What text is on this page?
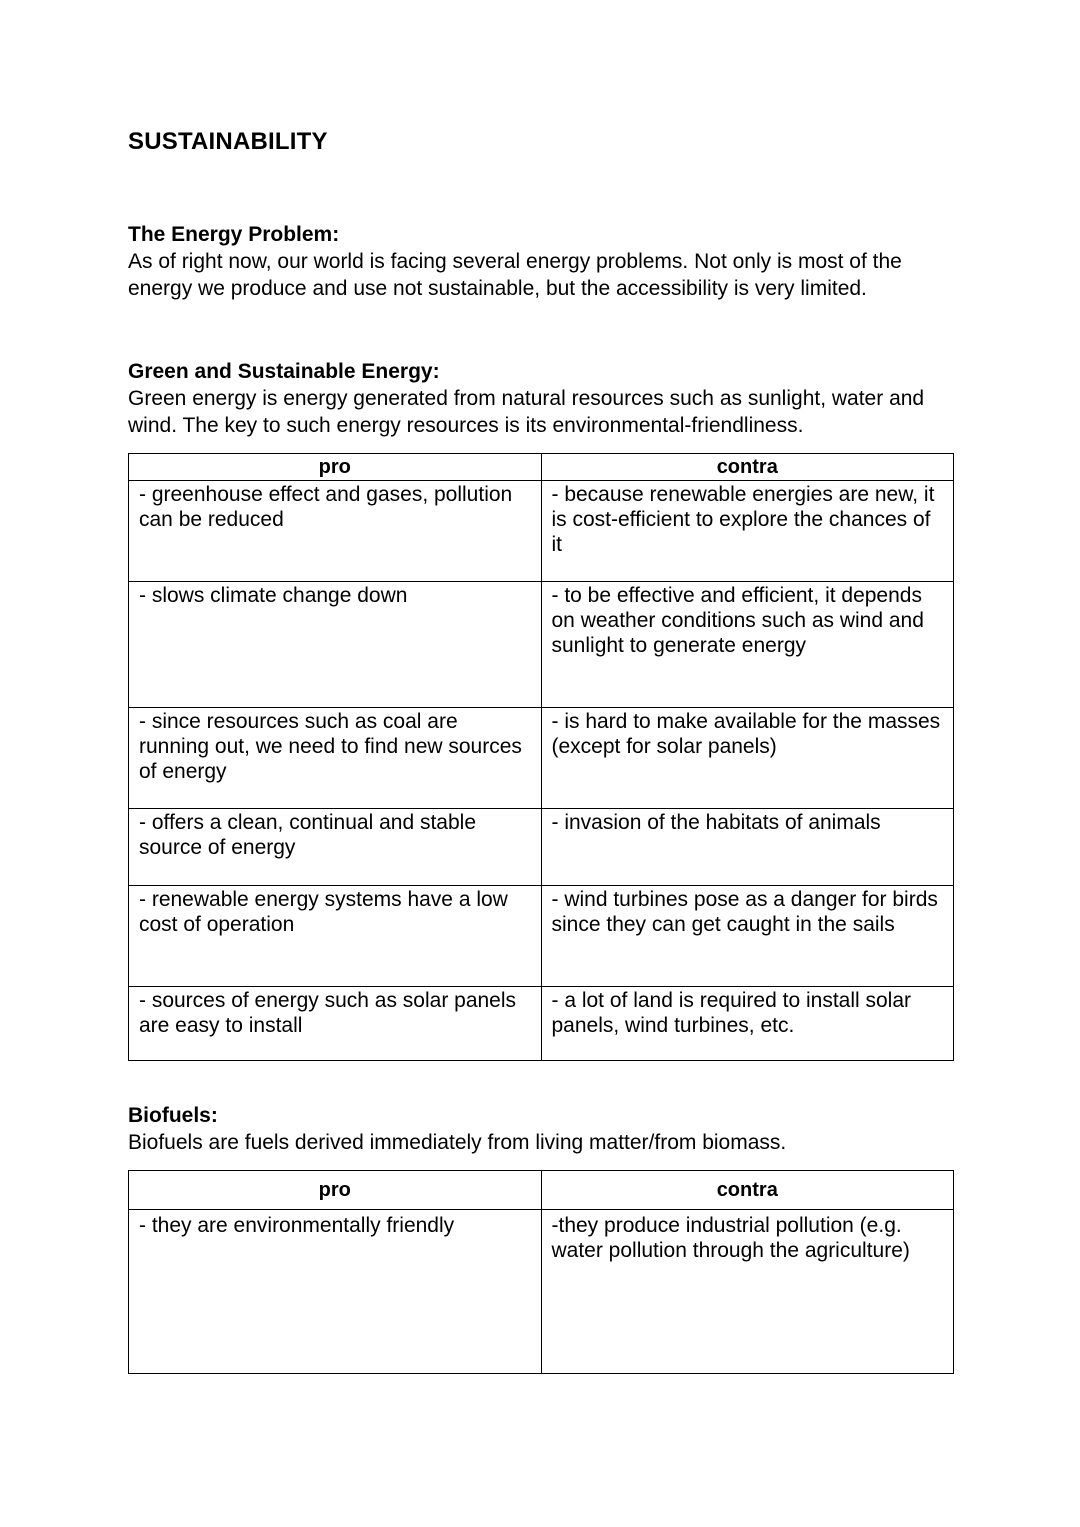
SUSTAINABILITY

The Energy Problem:

As of right now, our world is facing several energy problems. Not only is most of the energy we produce and use not sustainable, but the accessibility is very limited.

Green and Sustainable Energy:

Green energy is energy generated from natural resources such as sunlight, water and wind. The key to such energy resources is its environmental-friendliness.

pro	contra
- greenhouse effect and gases, pollution can be reduced	- because renewable energies are new, it is cost-efficient to explore the chances of it
- slows climate change down	- to be effective and efficient, it depends on weather conditions such as wind and sunlight to generate energy
- since resources such as coal are running out, we need to find new sources of energy	- is hard to make available for the masses (except for solar panels)
- offers a clean, continual and stable source of energy	- invasion of the habitats of animals
- renewable energy systems have a low cost of operation	- wind turbines pose as a danger for birds since they can get caught in the sails
- sources of energy such as solar panels are easy to install	- a lot of land is required to install solar panels, wind turbines, etc.

Biofuels:

Biofuels are fuels derived immediately from living matter/from biomass.

pro	contra
- they are environmentally friendly	-they produce industrial pollution (e.g. water pollution through the agriculture)
